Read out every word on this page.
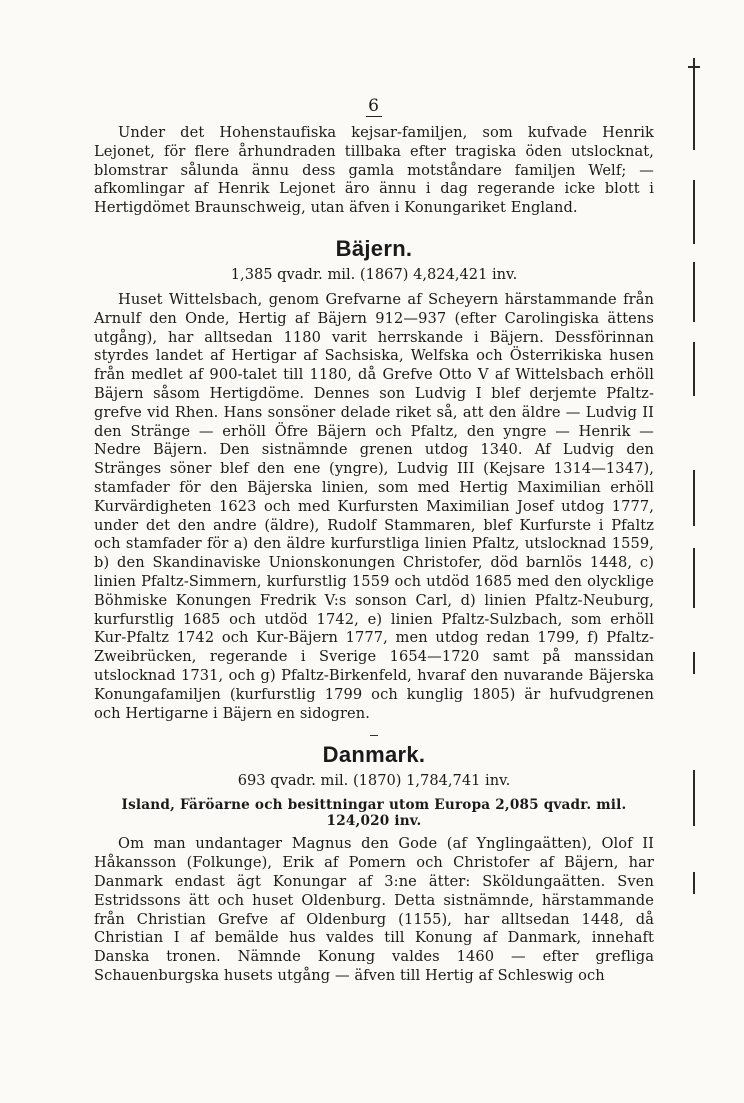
6

Under det Hohenstaufiska kejsar-familjen, som kufvade Henrik Lejonet, för flere århundraden tillbaka efter tragiska öden utslocknat, blomstrar sålunda ännu dess gamla motståndare familjen Welf; — afkomlingar af Henrik Lejonet äro ännu i dag regerande icke blott i Hertigdömet Braunschweig, utan äfven i Konungariket England.

Bäjern.
1,385 qvadr. mil. (1867) 4,824,421 inv.

Huset Wittelsbach, genom Grefvarne af Scheyern härstammande från Arnulf den Onde, Hertig af Bäjern 912—937 (efter Carolingiska ättens utgång), har alltsedan 1180 varit herrskande i Bäjern. Dessförinnan styrdes landet af Hertigar af Sachsiska, Welfska och Österrikiska husen från medlet af 900-talet till 1180, då Grefve Otto V af Wittelsbach erhöll Bäjern såsom Hertigdöme. Dennes son Ludvig I blef derjemte Pfaltz-grefve vid Rhen. Hans sonsöner delade riket så, att den äldre — Ludvig II den Stränge — erhöll Öfre Bäjern och Pfaltz, den yngre — Henrik — Nedre Bäjern. Den sistnämnde grenen utdog 1340. Af Ludvig den Stränges söner blef den ene (yngre), Ludvig III (Kejsare 1314—1347), stamfader för den Bäjerska linien, som med Hertig Maximilian erhöll Kurvärdigheten 1623 och med Kurfursten Maximilian Josef utdog 1777, under det den andre (äldre), Rudolf Stammaren, blef Kurfurste i Pfaltz och stamfader för a) den äldre kurfurstliga linien Pfaltz, utslocknad 1559, b) den Skandinaviske Unionskonungen Christofer, död barnlös 1448, c) linien Pfaltz-Simmern, kurfurstlig 1559 och utdöd 1685 med den olycklige Böhmiske Konungen Fredrik V:s sonson Carl, d) linien Pfaltz-Neuburg, kurfurstlig 1685 och utdöd 1742, e) linien Pfaltz-Sulzbach, som erhöll Kur-Pfaltz 1742 och Kur-Bäjern 1777, men utdog redan 1799, f) Pfaltz-Zweibrücken, regerande i Sverige 1654—1720 samt på manssidan utslocknad 1731, och g) Pfaltz-Birkenfeld, hvaraf den nuvarande Bäjerska Konungafamiljen (kurfurstlig 1799 och kunglig 1805) är hufvudgrenen och Hertigarne i Bäjern en sidogren.

Danmark.
693 qvadr. mil. (1870) 1,784,741 inv.
Island, Färöarne och besittningar utom Europa 2,085 qvadr. mil. 124,020 inv.

Om man undantager Magnus den Gode (af Ynglingaätten), Olof II Håkansson (Folkunge), Erik af Pomern och Christofer af Bäjern, har Danmark endast ägt Konungar af 3:ne ätter: Sköldungaätten. Sven Estridssons ätt och huset Oldenburg. Detta sistnämnde, härstammande från Christian Grefve af Oldenburg (1155), har alltsedan 1448, då Christian I af bemälde hus valdes till Konung af Danmark, innehaft Danska tronen. Nämnde Konung valdes 1460 — efter grefliga Schauenburgska husets utgång — äfven till Hertig af Schleswig och
